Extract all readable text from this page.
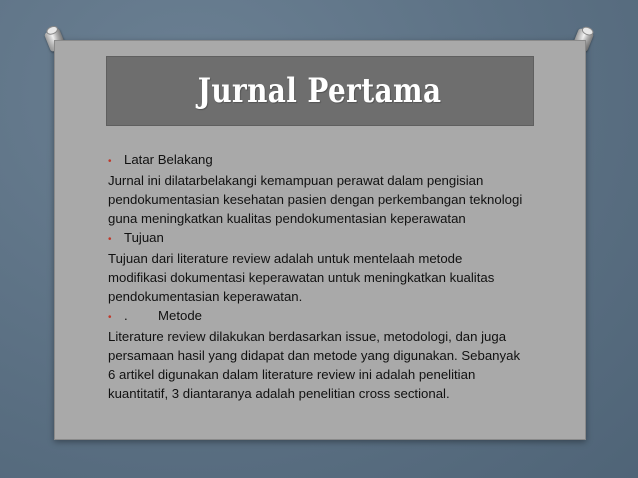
Jurnal Pertama
• Latar Belakang

Jurnal ini dilatarbelakangi kemampuan perawat dalam pengisian
pendokumentasian kesehatan pasien dengan perkembangan teknologi
guna meningkatkan kualitas pendokumentasian keperawatan

• Tujuan

Tujuan dari literature review adalah untuk mentelaah metode
modifikasi dokumentasi keperawatan untuk meningkatkan kualitas
pendokumentasian keperawatan.

• .	Metode

Literature review dilakukan berdasarkan issue, metodologi, dan juga
persamaan hasil yang didapat dan metode yang digunakan. Sebanyak
6 artikel digunakan dalam literature review ini adalah penelitian
kuantitatif, 3 diantaranya adalah penelitian cross sectional.
